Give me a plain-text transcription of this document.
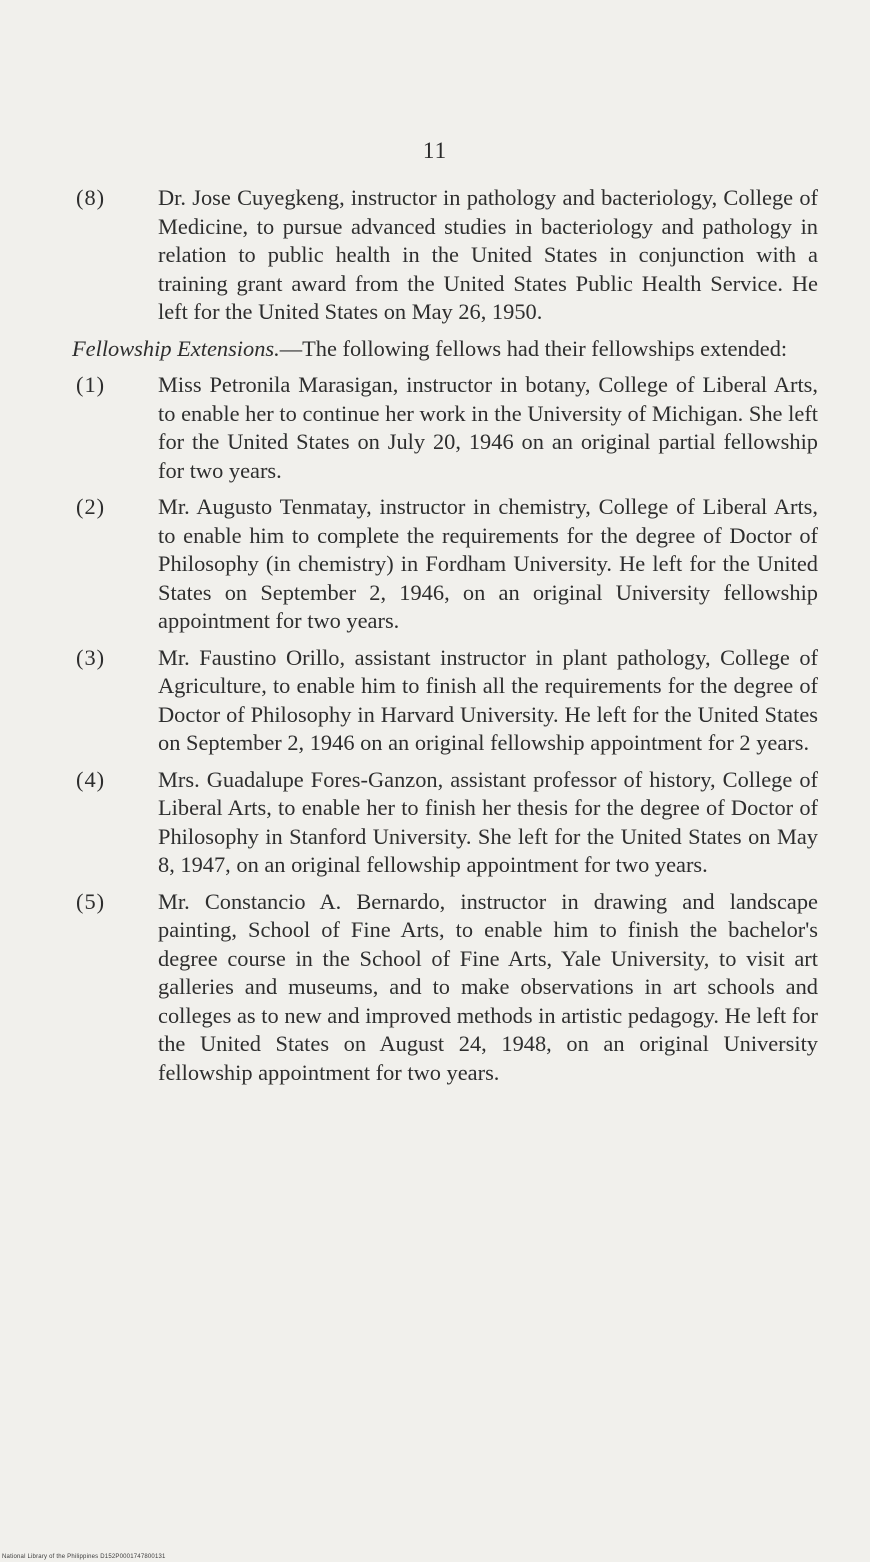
11
(8)	Dr. Jose Cuyegkeng, instructor in pathology and bacteriology, College of Medicine, to pursue advanced studies in bacteriology and pathology in relation to public health in the United States in conjunction with a training grant award from the United States Public Health Service. He left for the United States on May 26, 1950.

Fellowship Extensions.—The following fellows had their fellowships extended:

(1)	Miss Petronila Marasigan, instructor in botany, College of Liberal Arts, to enable her to continue her work in the University of Michigan. She left for the United States on July 20, 1946 on an original partial fellowship for two years.
(2)	Mr. Augusto Tenmatay, instructor in chemistry, College of Liberal Arts, to enable him to complete the requirements for the degree of Doctor of Philosophy (in chemistry) in Fordham University. He left for the United States on September 2, 1946, on an original University fellowship appointment for two years.
(3)	Mr. Faustino Orillo, assistant instructor in plant pathology, College of Agriculture, to enable him to finish all the requirements for the degree of Doctor of Philosophy in Harvard University. He left for the United States on September 2, 1946 on an original fellowship appointment for 2 years.
(4)	Mrs. Guadalupe Fores-Ganzon, assistant professor of history, College of Liberal Arts, to enable her to finish her thesis for the degree of Doctor of Philosophy in Stanford University. She left for the United States on May 8, 1947, on an original fellowship appointment for two years.
(5)	Mr. Constancio A. Bernardo, instructor in drawing and landscape painting, School of Fine Arts, to enable him to finish the bachelor's degree course in the School of Fine Arts, Yale University, to visit art galleries and museums, and to make observations in art schools and colleges as to new and improved methods in artistic pedagogy. He left for the United States on August 24, 1948, on an original University fellowship appointment for two years.
National Library of the Philippines D152P0001747800131
